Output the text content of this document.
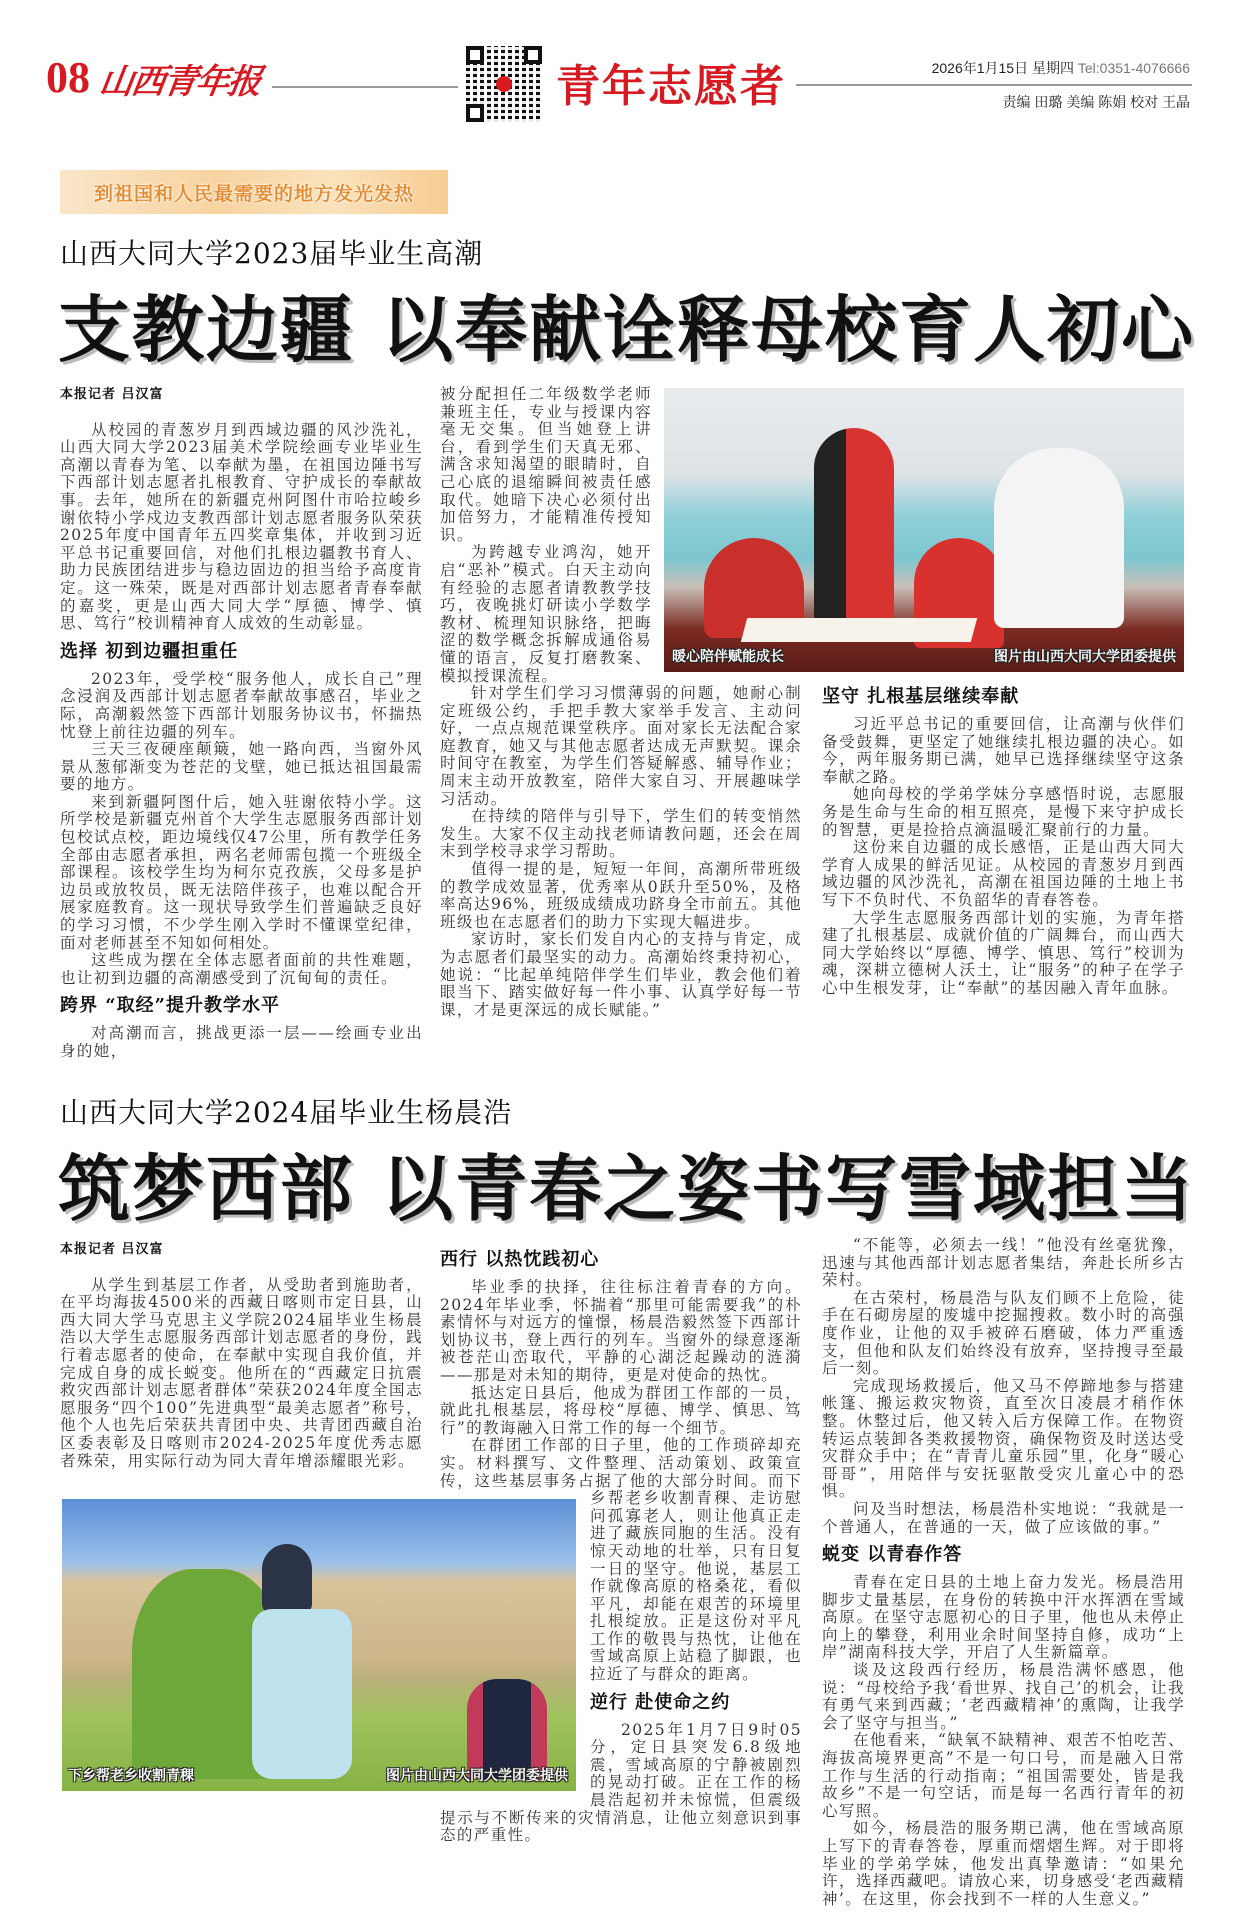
08 山西青年报	青年志愿者	2026年1月15日 星期四 Tel:0351-4076666
责编 田璐 美编 陈娟 校对 王晶
到祖国和人民最需要的地方发光发热
山西大同大学2023届毕业生高潮
支教边疆 以奉献诠释母校育人初心
本报记者 吕汉富

从校园的青葱岁月到西域边疆的风沙洗礼，山西大同大学2023届美术学院绘画专业毕业生高潮以青春为笔、以奉献为墨，在祖国边陲书写下西部计划志愿者扎根教育、守护成长的奉献故事。去年，她所在的新疆克州阿图什市哈拉峻乡谢依特小学戍边支教西部计划志愿者服务队荣获2025年度中国青年五四奖章集体，并收到习近平总书记重要回信，对他们扎根边疆教书育人、助力民族团结进步与稳边固边的担当给予高度肯定。这一殊荣，既是对西部计划志愿者青春奉献的嘉奖，更是山西大同大学“厚德、博学、慎思、笃行”校训精神育人成效的生动彰显。

选择 初到边疆担重任

2023年，受学校“服务他人，成长自己”理念浸润及西部计划志愿者奉献故事感召，毕业之际，高潮毅然签下西部计划服务协议书，怀揣热忱登上前往边疆的列车。

三天三夜硬座颠簸，她一路向西，当窗外风景从葱郁渐变为苍茫的戈壁，她已抵达祖国最需要的地方。

来到新疆阿图什后，她入驻谢依特小学。这所学校是新疆克州首个大学生志愿服务西部计划包校试点校，距边境线仅47公里，所有教学任务全部由志愿者承担，两名老师需包揽一个班级全部课程。该校学生均为柯尔克孜族，父母多是护边员或放牧员，既无法陪伴孩子，也难以配合开展家庭教育。这一现状导致学生们普遍缺乏良好的学习习惯，不少学生刚入学时不懂课堂纪律，面对老师甚至不知如何相处。

这些成为摆在全体志愿者面前的共性难题，也让初到边疆的高潮感受到了沉甸甸的责任。

跨界 “取经”提升教学水平

对高潮而言，挑战更添一层——绘画专业出身的她，

被分配担任二年级数学老师兼班主任，专业与授课内容毫无交集。但当她登上讲台，看到学生们天真无邪、满含求知渴望的眼睛时，自己心底的退缩瞬间被责任感取代。她暗下决心必须付出加倍努力，才能精准传授知识。

为跨越专业鸿沟，她开启“恶补”模式。白天主动向有经验的志愿者请教教学技巧，夜晚挑灯研读小学数学教材、梳理知识脉络，把晦涩的数学概念拆解成通俗易懂的语言，反复打磨教案、模拟授课流程。

针对学生们学习习惯薄弱的问题，她耐心制定班级公约，手把手教大家举手发言、主动问好，一点点规范课堂秩序。面对家长无法配合家庭教育，她又与其他志愿者达成无声默契。课余时间守在教室，为学生们答疑解惑、辅导作业；周末主动开放教室，陪伴大家自习、开展趣味学习活动。

在持续的陪伴与引导下，学生们的转变悄然发生。大家不仅主动找老师请教问题，还会在周末到学校寻求学习帮助。

值得一提的是，短短一年间，高潮所带班级的教学成效显著，优秀率从0跃升至50%，及格率高达96%，班级成绩成功跻身全市前五。其他班级也在志愿者们的助力下实现大幅进步。

家访时，家长们发自内心的支持与肯定，成为志愿者们最坚实的动力。高潮始终秉持初心，她说：“比起单纯陪伴学生们毕业，教会他们着眼当下、踏实做好每一件小事、认真学好每一节课，才是更深远的成长赋能。”

暖心陪伴赋能成长	图片由山西大同大学团委提供
坚守 扎根基层继续奉献

习近平总书记的重要回信，让高潮与伙伴们备受鼓舞，更坚定了她继续扎根边疆的决心。如今，两年服务期已满，她早已选择继续坚守这条奉献之路。

她向母校的学弟学妹分享感悟时说，志愿服务是生命与生命的相互照亮，是慢下来守护成长的智慧，更是捡拾点滴温暖汇聚前行的力量。

这份来自边疆的成长感悟，正是山西大同大学育人成果的鲜活见证。从校园的青葱岁月到西域边疆的风沙洗礼，高潮在祖国边陲的土地上书写下不负时代、不负韶华的青春答卷。

大学生志愿服务西部计划的实施，为青年搭建了扎根基层、成就价值的广阔舞台，而山西大同大学始终以“厚德、博学、慎思、笃行”校训为魂，深耕立德树人沃土，让“服务”的种子在学子心中生根发芽，让“奉献”的基因融入青年血脉。

山西大同大学2024届毕业生杨晨浩
筑梦西部 以青春之姿书写雪域担当
本报记者 吕汉富

从学生到基层工作者，从受助者到施助者，在平均海拔4500米的西藏日喀则市定日县，山西大同大学马克思主义学院2024届毕业生杨晨浩以大学生志愿服务西部计划志愿者的身份，践行着志愿者的使命，在奉献中实现自我价值，并完成自身的成长蜕变。他所在的“西藏定日抗震救灾西部计划志愿者群体”荣获2024年度全国志愿服务“四个100”先进典型“最美志愿者”称号，他个人也先后荣获共青团中央、共青团西藏自治区委表彰及日喀则市2024-2025年度优秀志愿者殊荣，用实际行动为同大青年增添耀眼光彩。

下乡帮老乡收割青稞	图片由山西大同大学团委提供
西行 以热忱践初心

毕业季的抉择，往往标注着青春的方向。2024年毕业季，怀揣着“那里可能需要我”的朴素情怀与对远方的憧憬，杨晨浩毅然签下西部计划协议书，登上西行的列车。当窗外的绿意逐渐被苍茫山峦取代，平静的心湖泛起躁动的涟漪——那是对未知的期待，更是对使命的热忱。

抵达定日县后，他成为群团工作部的一员，就此扎根基层，将母校“厚德、博学、慎思、笃行”的教诲融入日常工作的每一个细节。

在群团工作部的日子里，他的工作琐碎却充实。材料撰写、文件整理、活动策划、政策宣传，这些基层事务占据了他的大部分时间。而下乡帮老乡收割青稞、走访慰问孤寡老人，则让他真正走进了藏族同胞的生活。没有惊天动地的壮举，只有日复一日的坚守。他说，基层工作就像高原的格桑花，看似平凡，却能在艰苦的环境里扎根绽放。正是这份对平凡工作的敬畏与热忱，让他在雪域高原上站稳了脚跟，也拉近了与群众的距离。

逆行 赴使命之约

2025年1月7日9时05分，定日县突发6.8级地震，雪域高原的宁静被剧烈的晃动打破。正在工作的杨晨浩起初并未惊慌，但震级提示与不断传来的灾情消息，让他立刻意识到事态的严重性。

“不能等，必须去一线！”他没有丝毫犹豫，迅速与其他西部计划志愿者集结，奔赴长所乡古荣村。

在古荣村，杨晨浩与队友们顾不上危险，徒手在石砌房屋的废墟中挖掘搜救。数小时的高强度作业，让他的双手被碎石磨破，体力严重透支，但他和队友们始终没有放弃，坚持搜寻至最后一刻。

完成现场救援后，他又马不停蹄地参与搭建帐篷、搬运救灾物资，直至次日凌晨才稍作休整。休整过后，他又转入后方保障工作。在物资转运点装卸各类救援物资，确保物资及时送达受灾群众手中；在“青青儿童乐园”里，化身“暖心哥哥”，用陪伴与安抚驱散受灾儿童心中的恐惧。

问及当时想法，杨晨浩朴实地说：“我就是一个普通人，在普通的一天，做了应该做的事。”

蜕变 以青春作答

青春在定日县的土地上奋力发光。杨晨浩用脚步丈量基层，在身份的转换中汗水挥洒在雪域高原。在坚守志愿初心的日子里，他也从未停止向上的攀登，利用业余时间坚持自修，成功“上岸”湖南科技大学，开启了人生新篇章。

谈及这段西行经历，杨晨浩满怀感恩，他说：“母校给予我‘看世界、找自己’的机会，让我有勇气来到西藏；‘老西藏精神’的熏陶，让我学会了坚守与担当。”

在他看来，“缺氧不缺精神、艰苦不怕吃苦、海拔高境界更高”不是一句口号，而是融入日常工作与生活的行动指南；“祖国需要处，皆是我故乡”不是一句空话，而是每一名西行青年的初心写照。

如今，杨晨浩的服务期已满，他在雪域高原上写下的青春答卷，厚重而熠熠生辉。对于即将毕业的学弟学妹，他发出真挚邀请：“如果允许，选择西藏吧。请放心来，切身感受‘老西藏精神’。在这里，你会找到不一样的人生意义。”
